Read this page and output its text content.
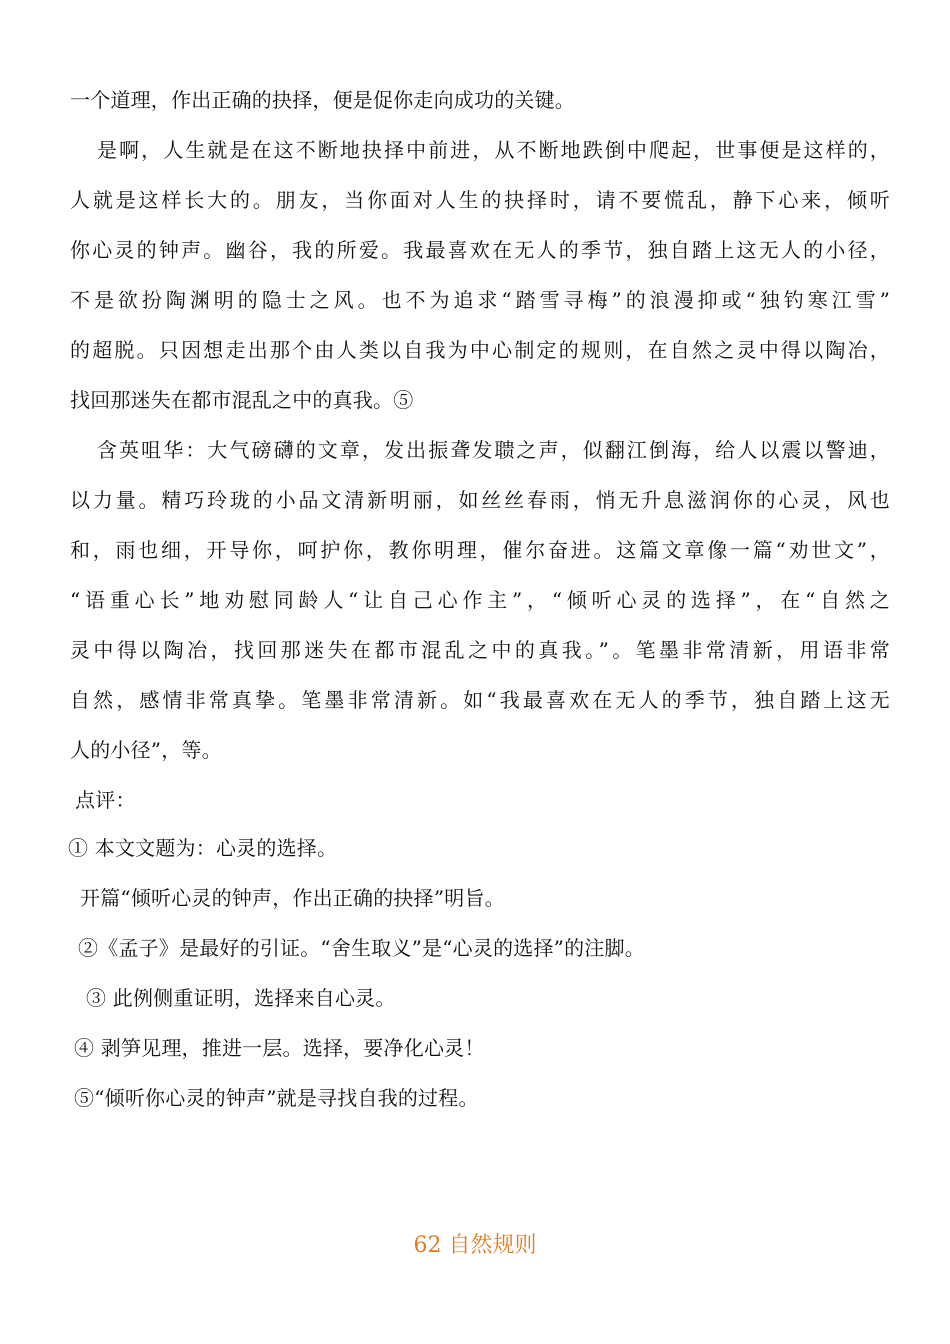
一个道理，作出正确的抉择，便是促你走向成功的关键。
是啊，人生就是在这不断地抉择中前进，从不断地跌倒中爬起，世事便是这样的，
人就是这样长大的。朋友，当你面对人生的抉择时，请不要慌乱，静下心来，倾听
你心灵的钟声。幽谷，我的所爱。我最喜欢在无人的季节，独自踏上这无人的小径，
不是欲扮陶渊明的隐士之风。也不为追求“踏雪寻梅”的浪漫抑或“独钓寒江雪”
的超脱。只因想走出那个由人类以自我为中心制定的规则，在自然之灵中得以陶冶，
找回那迷失在都市混乱之中的真我。⑤
含英咀华：大气磅礴的文章，发出振聋发聩之声，似翻江倒海，给人以震以警迪，
以力量。精巧玲珑的小品文清新明丽，如丝丝春雨，悄无升息滋润你的心灵，风也
和，雨也细，开导你，呵护你，教你明理，催尔奋进。这篇文章像一篇“劝世文”，
“语重心长”地劝慰同龄人“让自己心作主”，“倾听心灵的选择”，在“自然之
灵中得以陶冶，找回那迷失在都市混乱之中的真我。”。笔墨非常清新，用语非常
自然，感情非常真挚。笔墨非常清新。如“我最喜欢在无人的季节，独自踏上这无
人的小径”，等。
点评：
① 本文文题为：心灵的选择。
开篇“倾听心灵的钟声，作出正确的抉择”明旨。
②《孟子》是最好的引证。“舍生取义”是“心灵的选择”的注脚。
③ 此例侧重证明，选择来自心灵。
④ 剥笋见理，推进一层。选择，要净化心灵！
⑤“倾听你心灵的钟声”就是寻找自我的过程。
62 自然规则
